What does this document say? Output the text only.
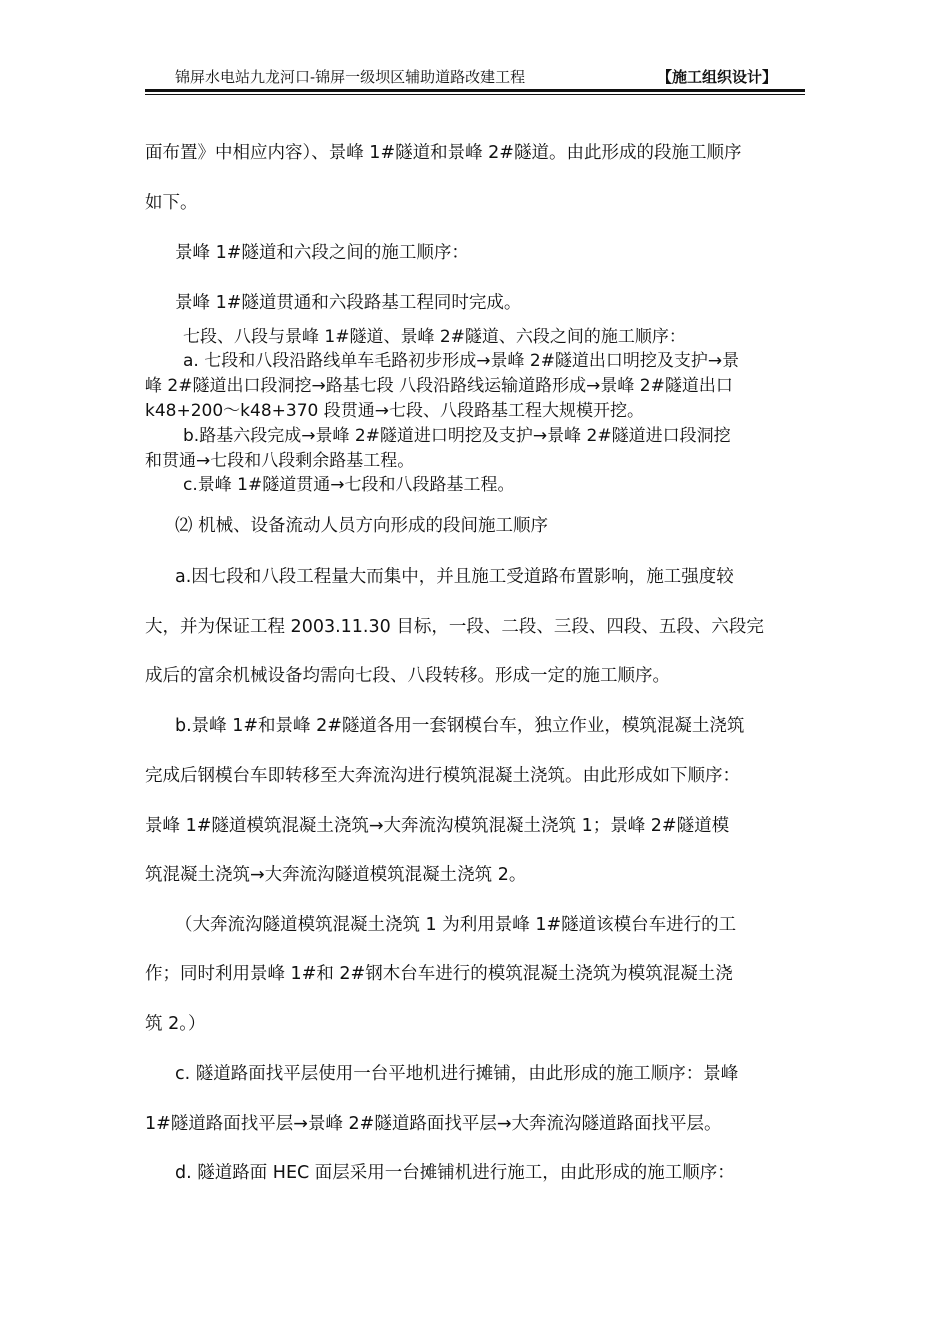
锦屏水电站九龙河口-锦屏一级坝区辅助道路改建工程	【施工组织设计】
面布置》中相应内容）、景峰 1#隧道和景峰 2#隧道。由此形成的段施工顺序
如下。
景峰 1#隧道和六段之间的施工顺序：
景峰 1#隧道贯通和六段路基工程同时完成。
七段、八段与景峰 1#隧道、景峰 2#隧道、六段之间的施工顺序：
a. 七段和八段沿路线单车毛路初步形成→景峰 2#隧道出口明挖及支护→景
峰 2#隧道出口段洞挖→路基七段 八段沿路线运输道路形成→景峰 2#隧道出口
k48+200～k48+370 段贯通→七段、八段路基工程大规模开挖。
b.路基六段完成→景峰 2#隧道进口明挖及支护→景峰 2#隧道进口段洞挖
和贯通→七段和八段剩余路基工程。
c.景峰 1#隧道贯通→七段和八段路基工程。
⑵ 机械、设备流动人员方向形成的段间施工顺序
a.因七段和八段工程量大而集中，并且施工受道路布置影响，施工强度较
大，并为保证工程 2003.11.30 目标，一段、二段、三段、四段、五段、六段完
成后的富余机械设备均需向七段、八段转移。形成一定的施工顺序。
b.景峰 1#和景峰 2#隧道各用一套钢模台车，独立作业，模筑混凝土浇筑
完成后钢模台车即转移至大奔流沟进行模筑混凝土浇筑。由此形成如下顺序：
景峰 1#隧道模筑混凝土浇筑→大奔流沟模筑混凝土浇筑 1；景峰 2#隧道模
筑混凝土浇筑→大奔流沟隧道模筑混凝土浇筑 2。
（大奔流沟隧道模筑混凝土浇筑 1 为利用景峰 1#隧道该模台车进行的工
作；同时利用景峰 1#和 2#钢木台车进行的模筑混凝土浇筑为模筑混凝土浇
筑 2。）
c. 隧道路面找平层使用一台平地机进行摊铺，由此形成的施工顺序：景峰
1#隧道路面找平层→景峰 2#隧道路面找平层→大奔流沟隧道路面找平层。
d. 隧道路面 HEC 面层采用一台摊铺机进行施工，由此形成的施工顺序：
